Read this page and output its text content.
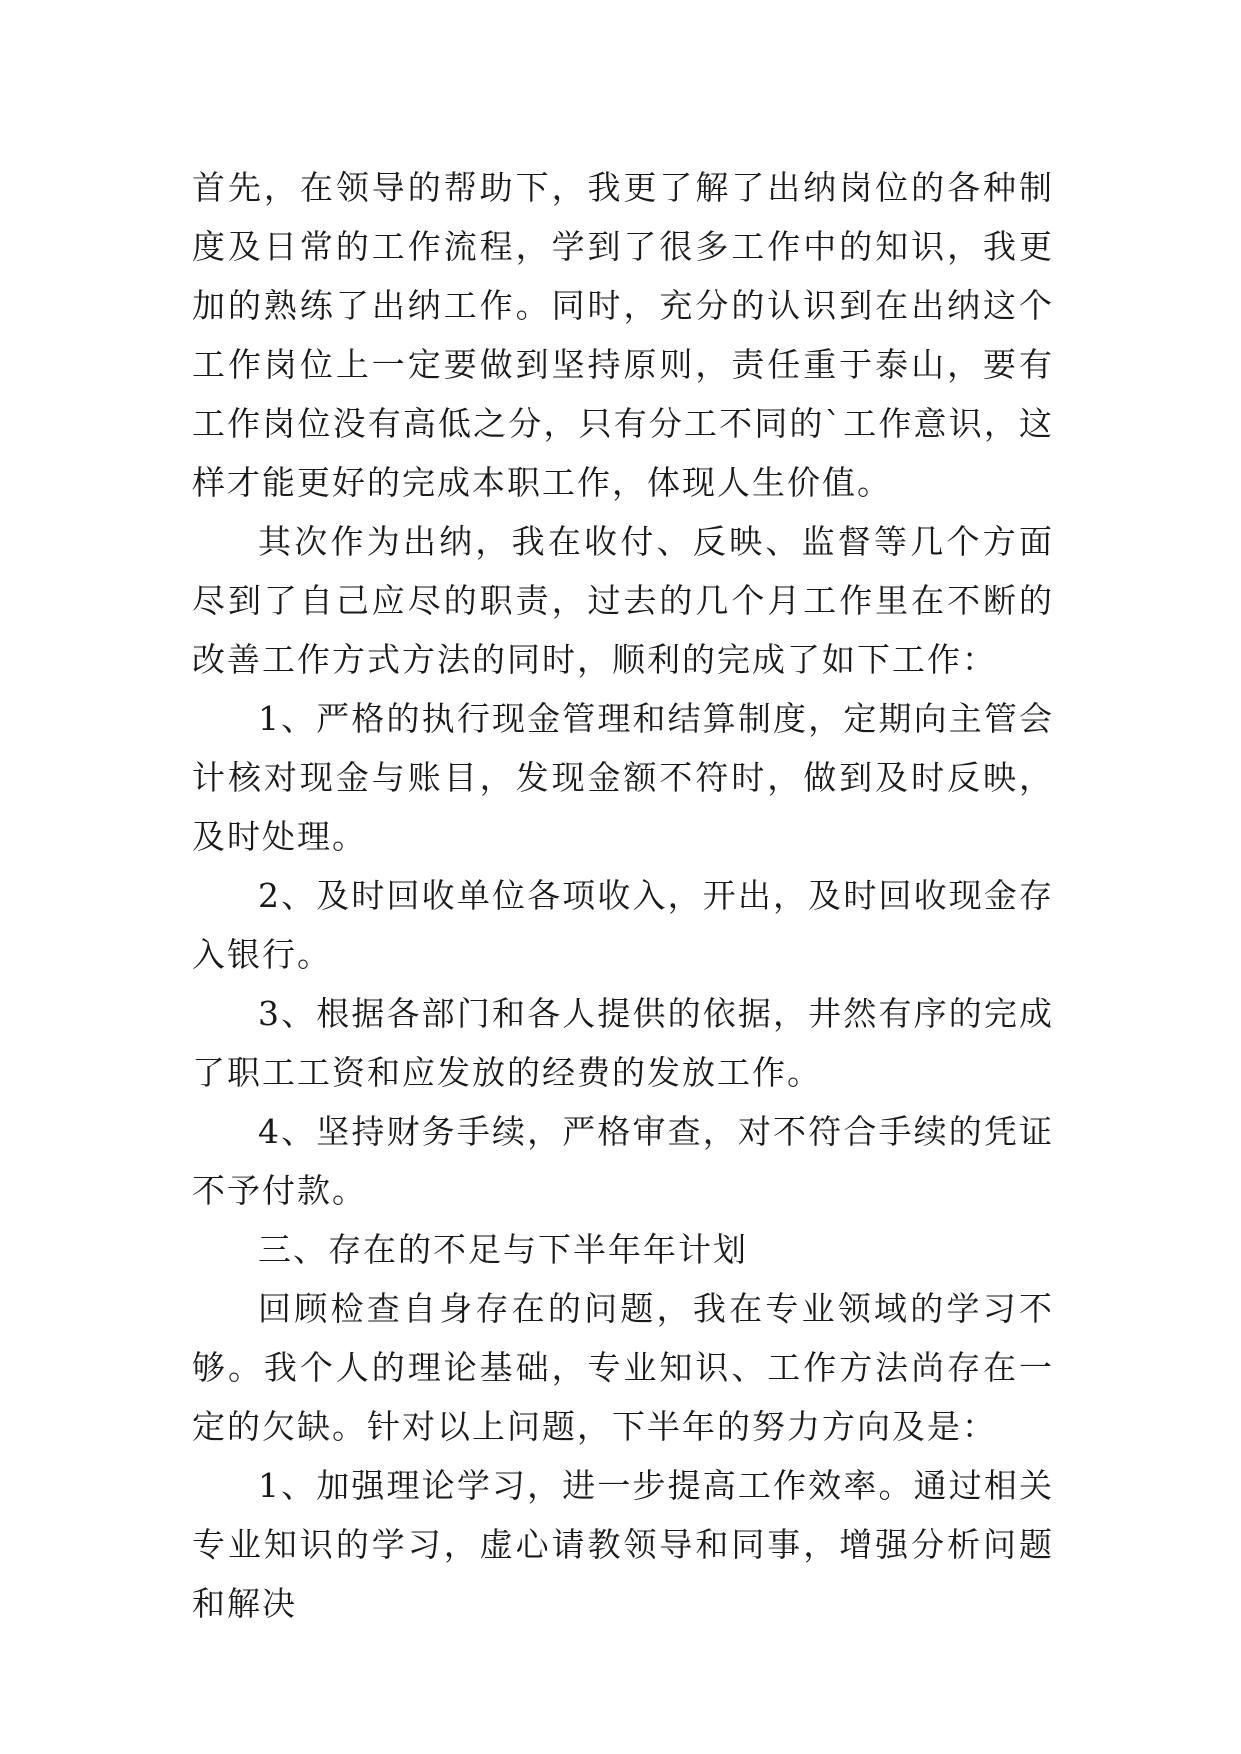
首先，在领导的帮助下，我更了解了出纳岗位的各种制度及日常的工作流程，学到了很多工作中的知识，我更加的熟练了出纳工作。同时，充分的认识到在出纳这个工作岗位上一定要做到坚持原则，责任重于泰山，要有工作岗位没有高低之分，只有分工不同的`工作意识，这样才能更好的完成本职工作，体现人生价值。

其次作为出纳，我在收付、反映、监督等几个方面尽到了自己应尽的职责，过去的几个月工作里在不断的改善工作方式方法的同时，顺利的完成了如下工作：

1、严格的执行现金管理和结算制度，定期向主管会计核对现金与账目，发现金额不符时，做到及时反映，及时处理。

2、及时回收单位各项收入，开出，及时回收现金存入银行。

3、根据各部门和各人提供的依据，井然有序的完成了职工工资和应发放的经费的发放工作。

4、坚持财务手续，严格审查，对不符合手续的凭证不予付款。

三、存在的不足与下半年年计划

回顾检查自身存在的问题，我在专业领域的学习不够。我个人的理论基础，专业知识、工作方法尚存在一定的欠缺。针对以上问题，下半年的努力方向及是：

1、加强理论学习，进一步提高工作效率。通过相关专业知识的学习，虚心请教领导和同事，增强分析问题和解决
